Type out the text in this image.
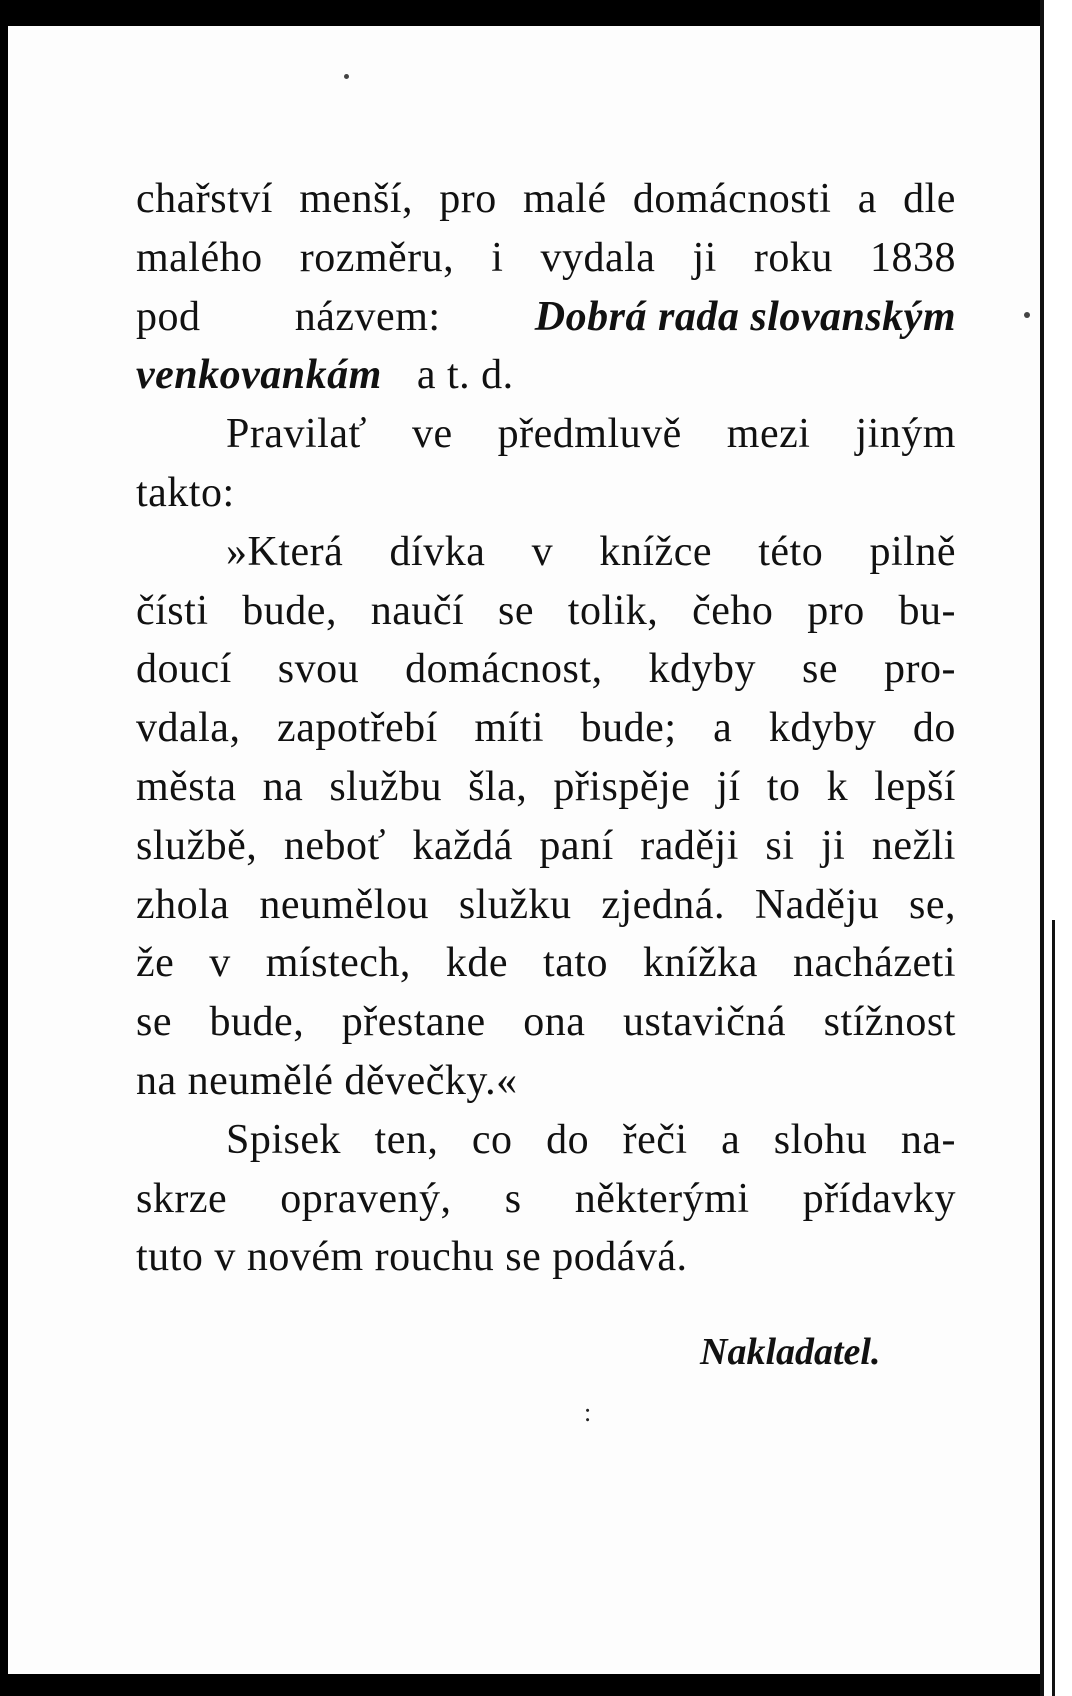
chařství menší, pro malé domácnosti a dle
malého rozměru, i vydala ji roku 1838
pod názvem: Dobrá rada slovanským
venkovankám a t. d.
Pravilať ve předmluvě mezi jiným
takto:
»Která dívka v knížce této pilně
čísti bude, naučí se tolik, čeho pro bu-
doucí svou domácnost, kdyby se pro-
vdala, zapotřebí míti bude; a kdyby do
města na službu šla, přispěje jí to k lepší
službě, neboť každá paní raději si ji nežli
zhola neumělou služku zjedná. Naděju se,
že v místech, kde tato knížka nacházeti
se bude, přestane ona ustavičná stížnost
na neumělé děvečky.«
Spisek ten, co do řeči a slohu na-
skrze opravený, s některými přídavky
tuto v novém rouchu se podává.
Nakladatel.
:
